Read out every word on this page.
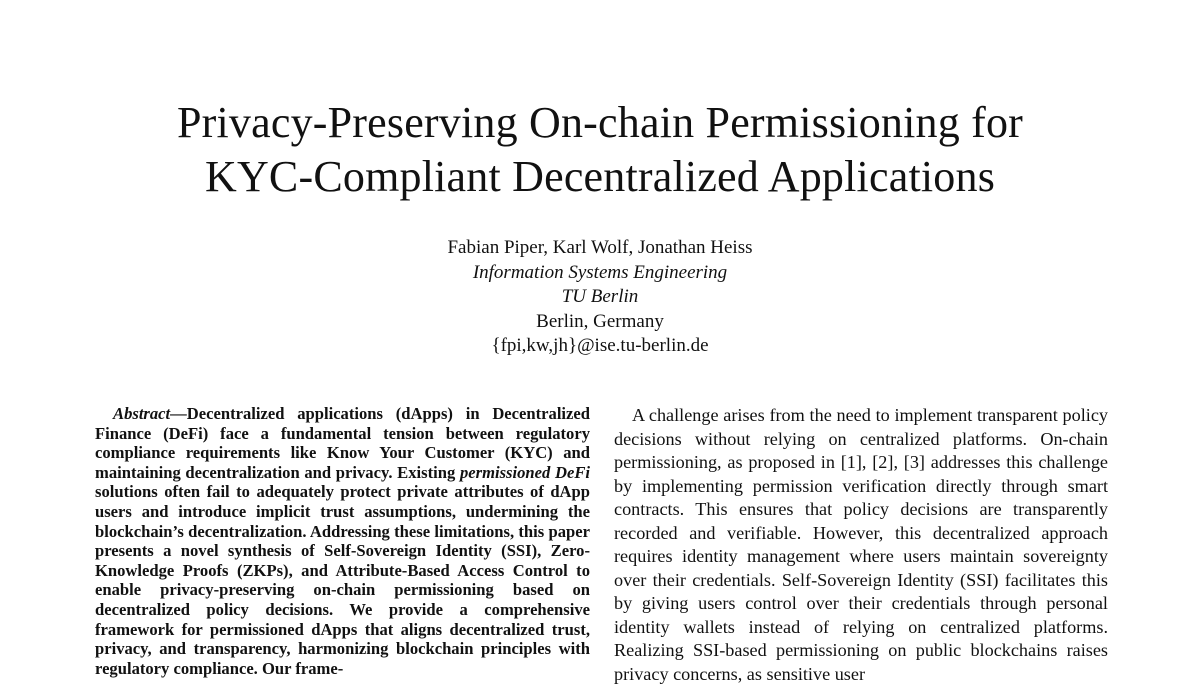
Privacy-Preserving On-chain Permissioning for
KYC-Compliant Decentralized Applications
Fabian Piper, Karl Wolf, Jonathan Heiss
Information Systems Engineering
TU Berlin
Berlin, Germany
{fpi,kw,jh}@ise.tu-berlin.de

Abstract—Decentralized applications (dApps) in Decentralized Finance (DeFi) face a fundamental tension between regulatory compliance requirements like Know Your Customer (KYC) and maintaining decentralization and privacy. Existing permissioned DeFi solutions often fail to adequately protect private attributes of dApp users and introduce implicit trust assumptions, undermining the blockchain’s decentralization. Addressing these limitations, this paper presents a novel synthesis of Self-Sovereign Identity (SSI), Zero-Knowledge Proofs (ZKPs), and Attribute-Based Access Control to enable privacy-preserving on-chain permissioning based on decentralized policy decisions. We provide a comprehensive framework for permissioned dApps that aligns decentralized trust, privacy, and transparency, harmonizing blockchain principles with regulatory compliance. Our frame-

A challenge arises from the need to implement transparent policy decisions without relying on centralized platforms. On-chain permissioning, as proposed in [1], [2], [3] addresses this challenge by implementing permission verification directly through smart contracts. This ensures that policy decisions are transparently recorded and verifiable. However, this decentralized approach requires identity management where users maintain sovereignty over their credentials. Self-Sovereign Identity (SSI) facilitates this by giving users control over their credentials through personal identity wallets instead of relying on centralized platforms. Realizing SSI-based permissioning on public blockchains raises privacy concerns, as sensitive user
